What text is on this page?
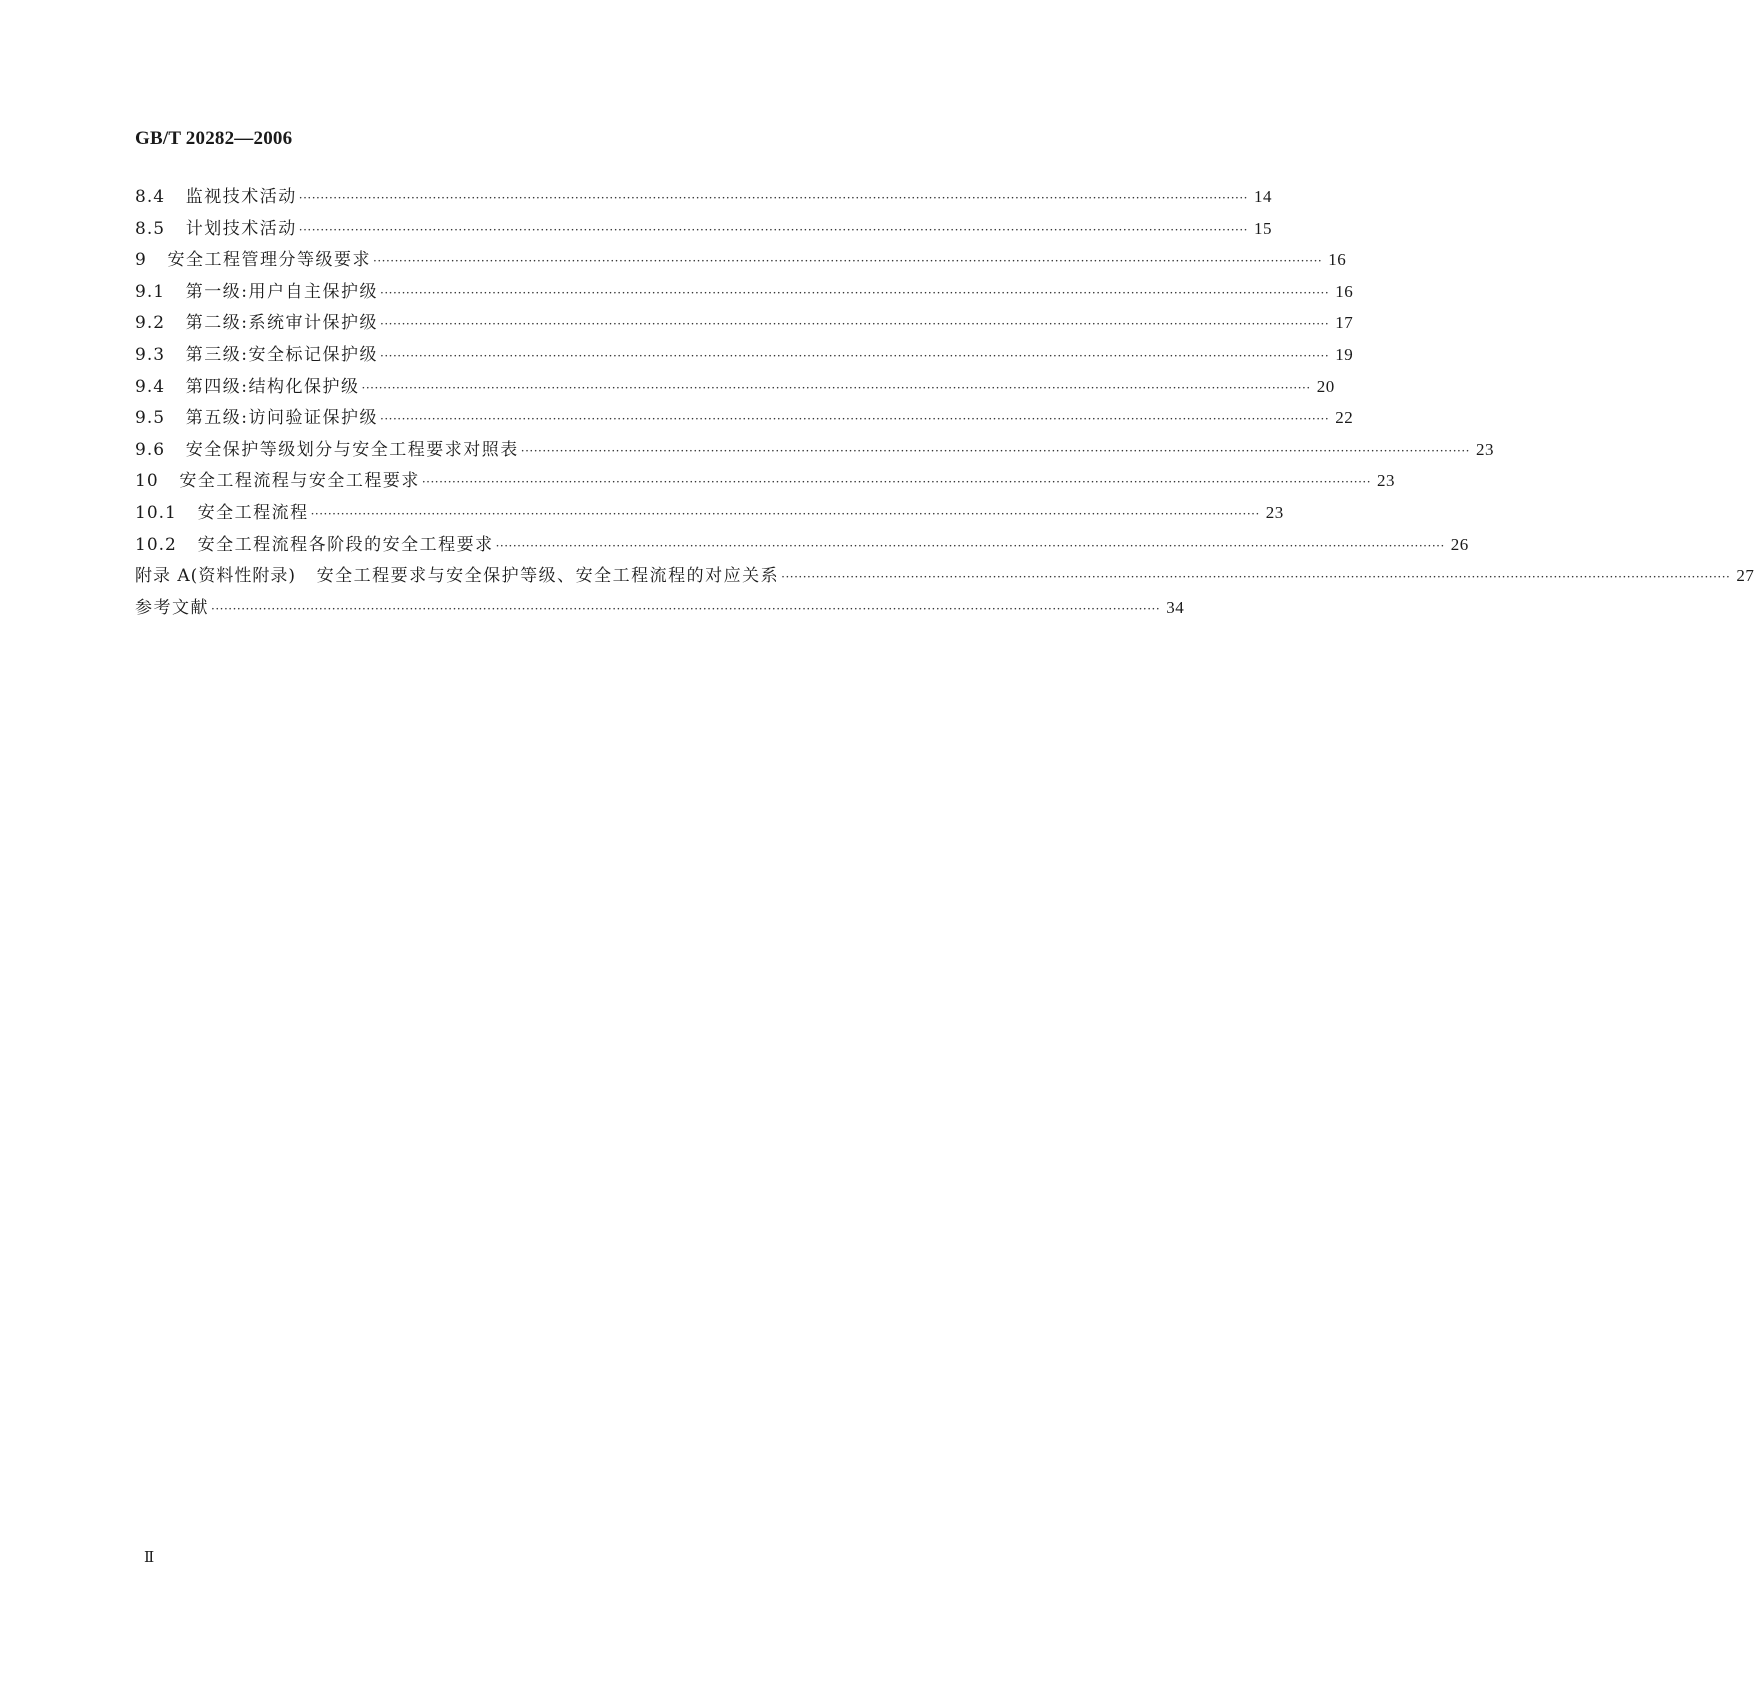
GB/T 20282—2006
8.4 监视技术活动 ···························································································································································································································· 14
8.5 计划技术活动 ···························································································································································································································· 15
9 安全工程管理分等级要求 ···························································································································································································································· 16
9.1 第一级:用户自主保护级 ···························································································································································································································· 16
9.2 第二级:系统审计保护级 ···························································································································································································································· 17
9.3 第三级:安全标记保护级 ···························································································································································································································· 19
9.4 第四级:结构化保护级 ···························································································································································································································· 20
9.5 第五级:访问验证保护级 ···························································································································································································································· 22
9.6 安全保护等级划分与安全工程要求对照表 ···························································································································································································································· 23
10 安全工程流程与安全工程要求 ···························································································································································································································· 23
10.1 安全工程流程 ···························································································································································································································· 23
10.2 安全工程流程各阶段的安全工程要求 ···························································································································································································································· 26
附录 A(资料性附录) 安全工程要求与安全保护等级、安全工程流程的对应关系 ···························································································································································································································· 27
参考文献 ···························································································································································································································· 34
Ⅱ
